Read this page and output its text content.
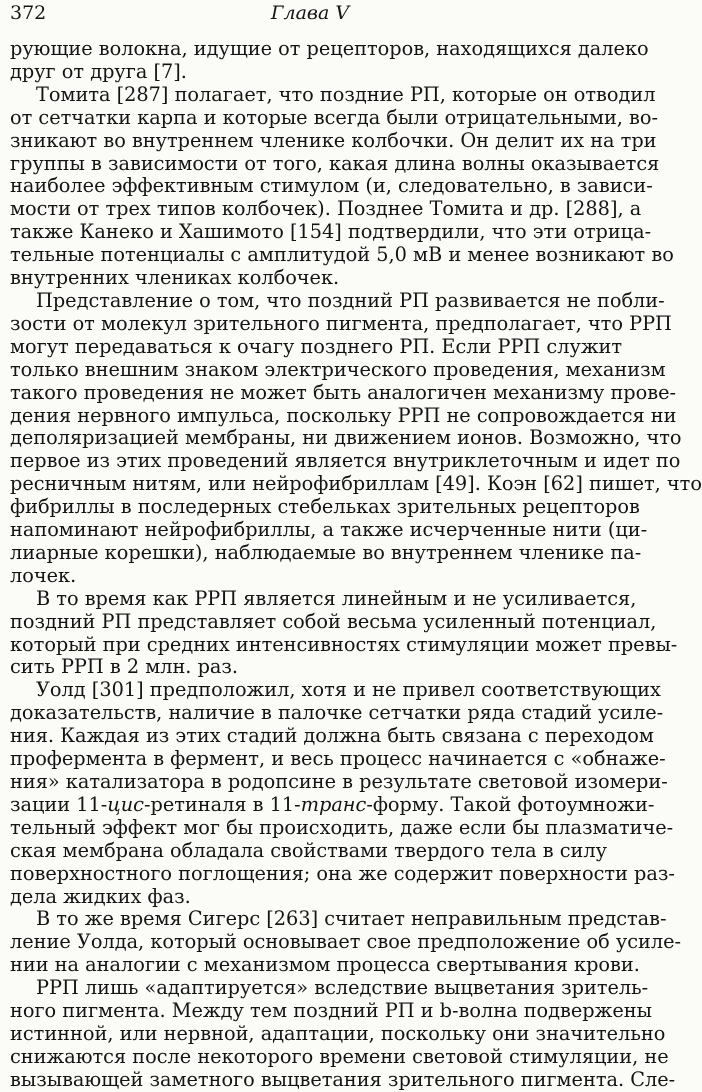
372	Глава V
рующие волокна, идущие от рецепторов, находящихся далеко
друг от друга [7].
Томита [287] полагает, что поздние РП, которые он отводил
от сетчатки карпа и которые всегда были отрицательными, во-
зникают во внутреннем членике колбочки. Он делит их на три
группы в зависимости от того, какая длина волны оказывается
наиболее эффективным стимулом (и, следовательно, в зависи-
мости от трех типов колбочек). Позднее Томита и др. [288], а
также Канеко и Хашимото [154] подтвердили, что эти отрица-
тельные потенциалы с амплитудой 5,0 мВ и менее возникают во
внутренних члениках колбочек.
Представление о том, что поздний РП развивается не побли-
зости от молекул зрительного пигмента, предполагает, что РРП
могут передаваться к очагу позднего РП. Если РРП служит
только внешним знаком электрического проведения, механизм
такого проведения не может быть аналогичен механизму прове-
дения нервного импульса, поскольку РРП не сопровождается ни
деполяризацией мембраны, ни движением ионов. Возможно, что
первое из этих проведений является внутриклеточным и идет по
ресничным нитям, или нейрофибриллам [49]. Коэн [62] пишет, что
фибриллы в последерных стебельках зрительных рецепторов
напоминают нейрофибриллы, а также исчерченные нити (ци-
лиарные корешки), наблюдаемые во внутреннем членике па-
лочек.
В то время как РРП является линейным и не усиливается,
поздний РП представляет собой весьма усиленный потенциал,
который при средних интенсивностях стимуляции может превы-
сить РРП в 2 млн. раз.
Уолд [301] предположил, хотя и не привел соответствующих
доказательств, наличие в палочке сетчатки ряда стадий усиле-
ния. Каждая из этих стадий должна быть связана с переходом
профермента в фермент, и весь процесс начинается с «обнаже-
ния» катализатора в родопсине в результате световой изомери-
зации 11-цис-ретиналя в 11-транс-форму. Такой фотоумножи-
тельный эффект мог бы происходить, даже если бы плазматиче-
ская мембрана обладала свойствами твердого тела в силу
поверхностного поглощения; она же содержит поверхности раз-
дела жидких фаз.
В то же время Сигерс [263] считает неправильным представ-
ление Уолда, который основывает свое предположение об усиле-
нии на аналогии с механизмом процесса свертывания крови.
РРП лишь «адаптируется» вследствие выцветания зритель-
ного пигмента. Между тем поздний РП и b-волна подвержены
истинной, или нервной, адаптации, поскольку они значительно
снижаются после некоторого времени световой стимуляции, не
вызывающей заметного выцветания зрительного пигмента. Сле-
